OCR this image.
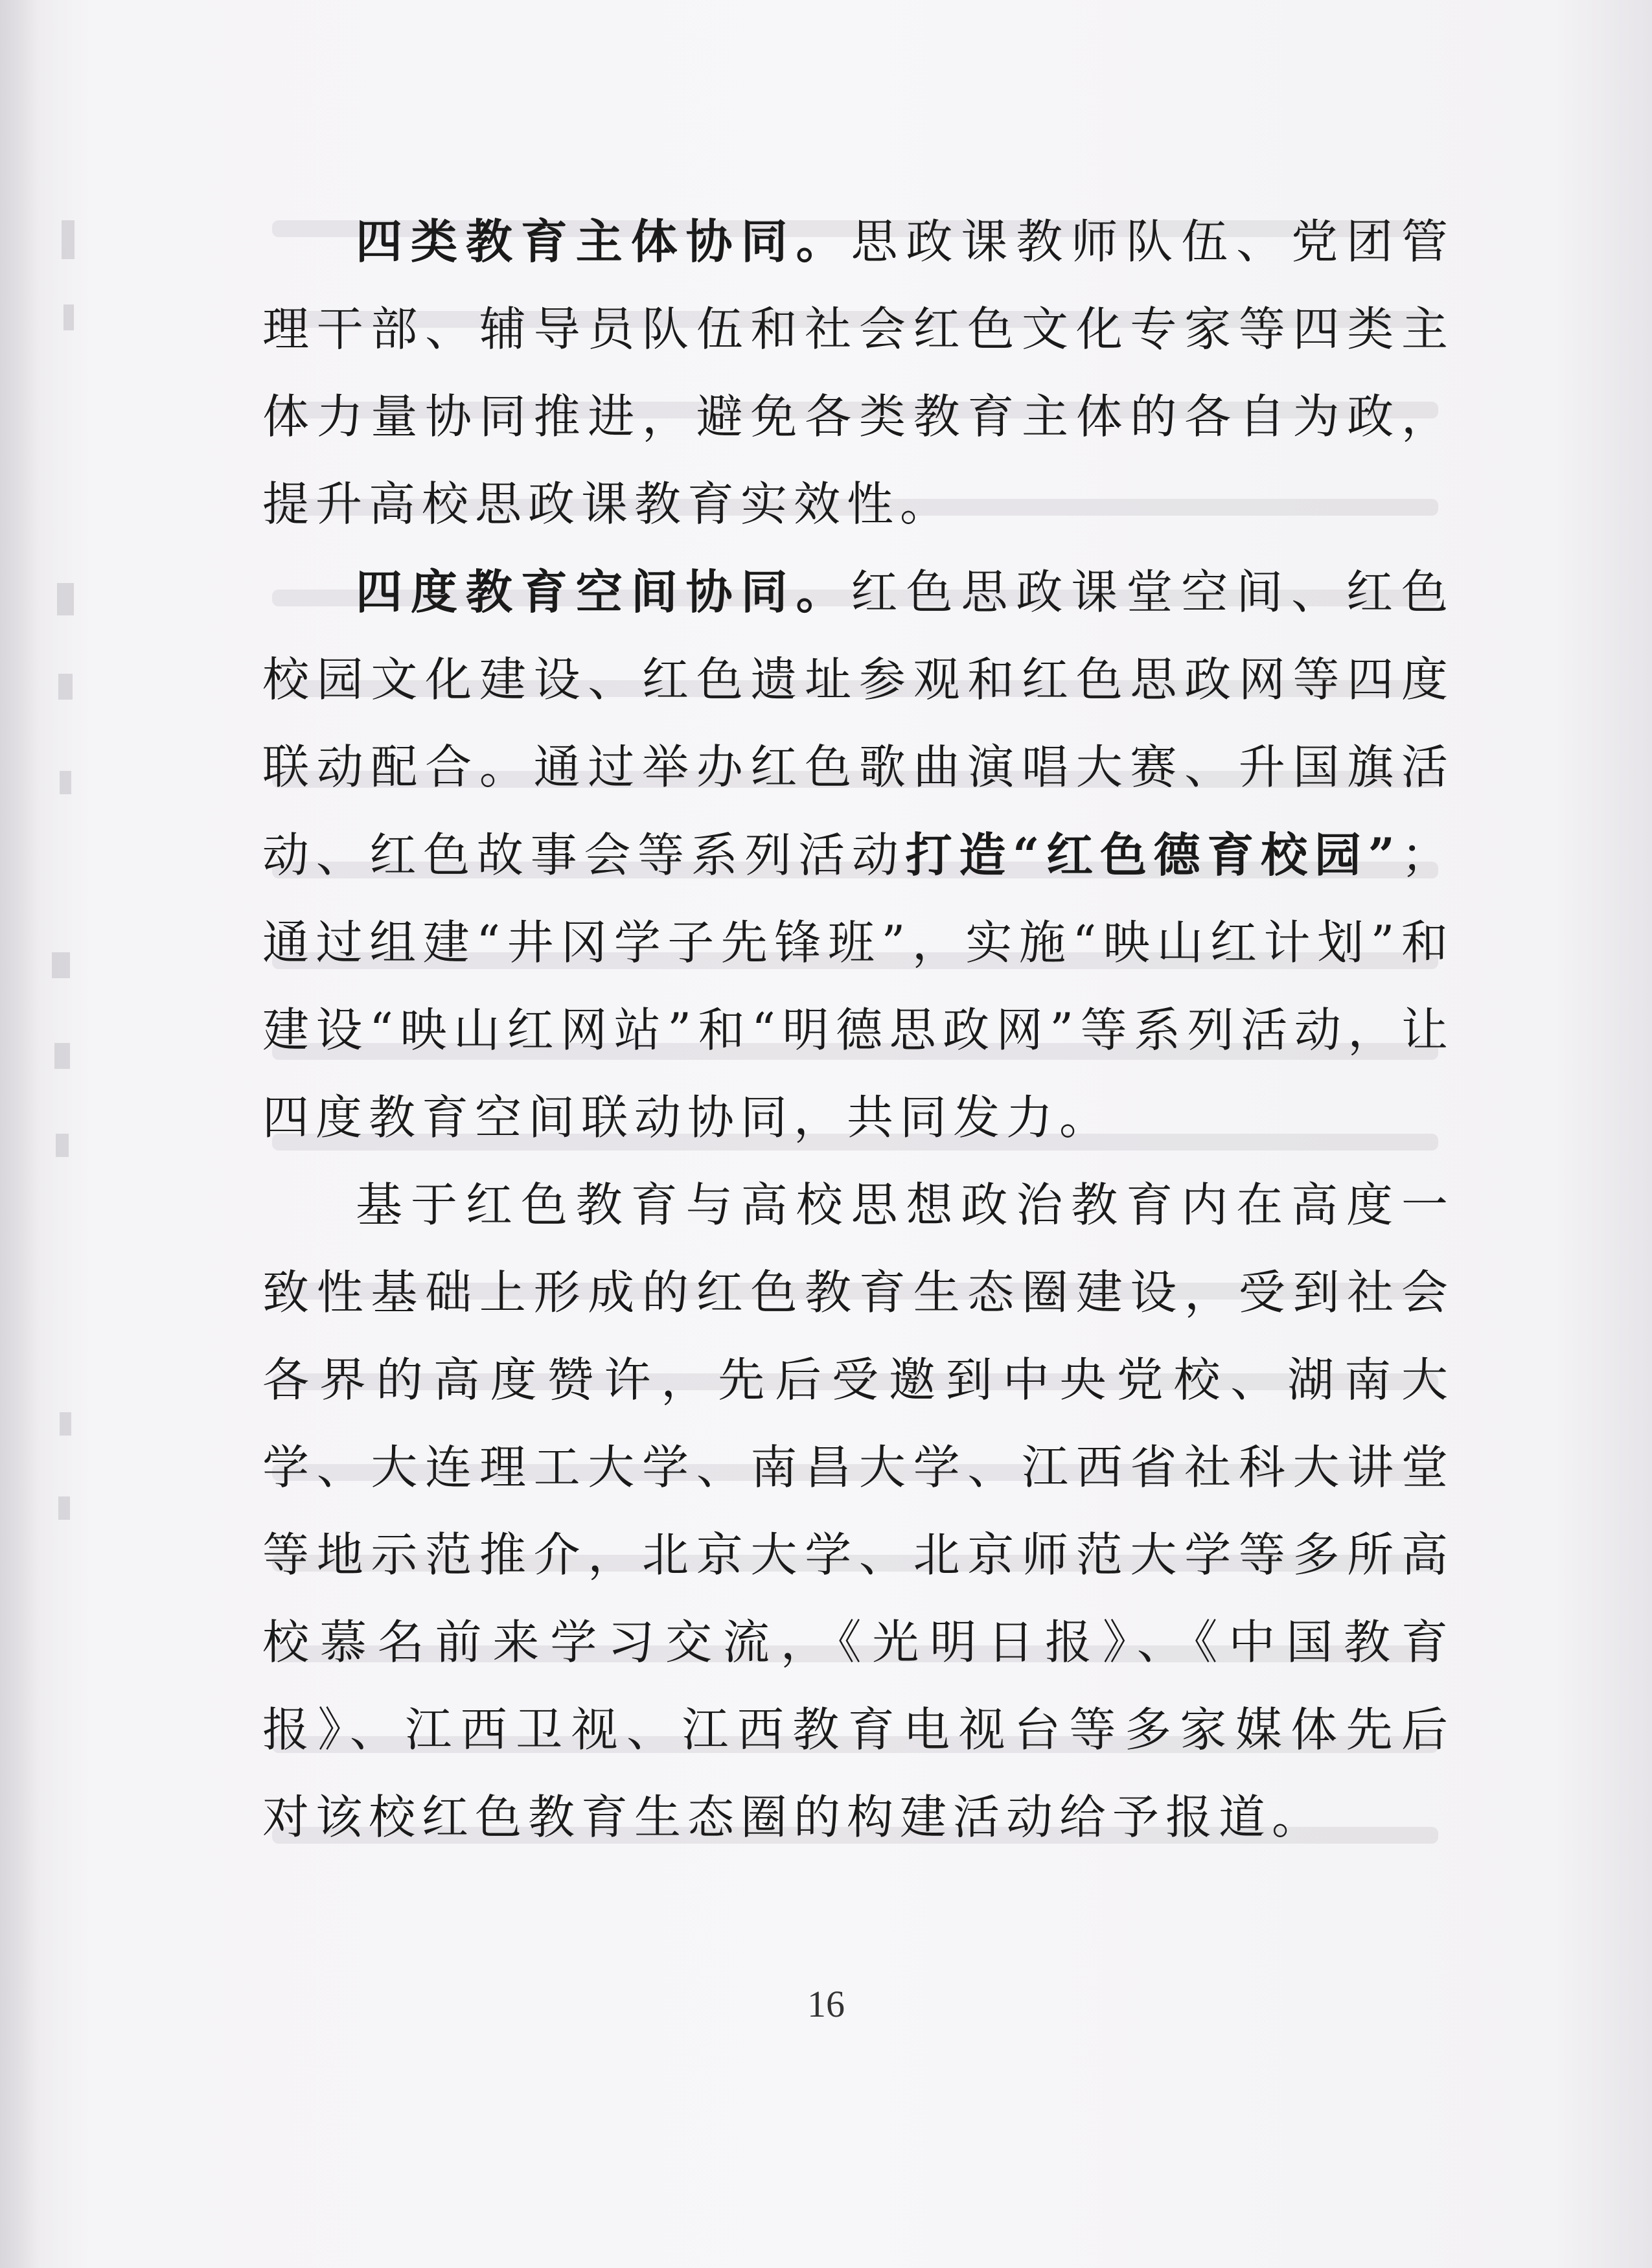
四类教育主体协同。思政课教师队伍、党团管理干部、辅导员队伍和社会红色文化专家等四类主体力量协同推进，避免各类教育主体的各自为政，提升高校思政课教育实效性。

四度教育空间协同。红色思政课堂空间、红色校园文化建设、红色遗址参观和红色思政网等四度联动配合。通过举办红色歌曲演唱大赛、升国旗活动、红色故事会等系列活动打造“红色德育校园”；通过组建“井冈学子先锋班”，实施“映山红计划”和建设“映山红网站”和“明德思政网”等系列活动，让四度教育空间联动协同，共同发力。

基于红色教育与高校思想政治教育内在高度一致性基础上形成的红色教育生态圈建设，受到社会各界的高度赞许，先后受邀到中央党校、湖南大学、大连理工大学、南昌大学、江西省社科大讲堂等地示范推介，北京大学、北京师范大学等多所高校慕名前来学习交流，《光明日报》、《中国教育报》、江西卫视、江西教育电视台等多家媒体先后对该校红色教育生态圈的构建活动给予报道。

16
